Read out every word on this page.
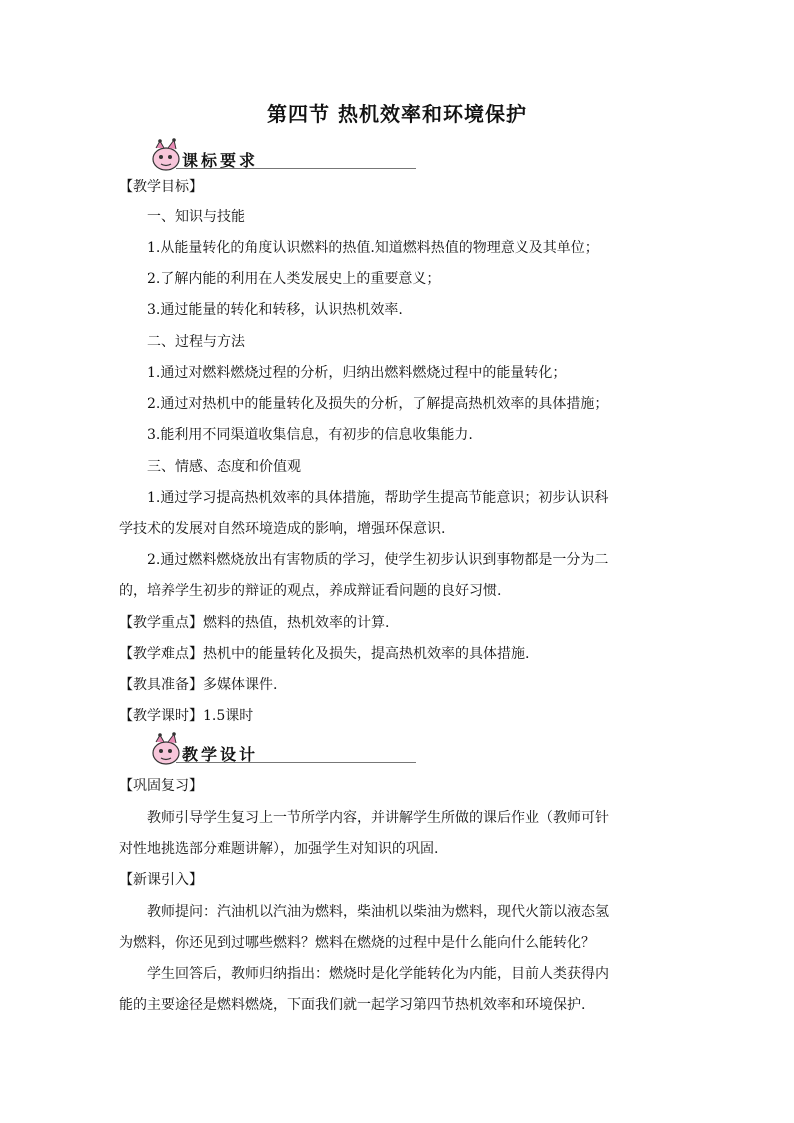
第四节 热机效率和环境保护
课标要求
【教学目标】
一、知识与技能
1.从能量转化的角度认识燃料的热值.知道燃料热值的物理意义及其单位；
2.了解内能的利用在人类发展史上的重要意义；
3.通过能量的转化和转移，认识热机效率.
二、过程与方法
1.通过对燃料燃烧过程的分析，归纳出燃料燃烧过程中的能量转化；
2.通过对热机中的能量转化及损失的分析，了解提高热机效率的具体措施；
3.能利用不同渠道收集信息，有初步的信息收集能力.
三、情感、态度和价值观
1.通过学习提高热机效率的具体措施，帮助学生提高节能意识；初步认识科
学技术的发展对自然环境造成的影响，增强环保意识.
2.通过燃料燃烧放出有害物质的学习，使学生初步认识到事物都是一分为二
的，培养学生初步的辩证的观点，养成辩证看问题的良好习惯.
【教学重点】燃料的热值，热机效率的计算.
【教学难点】热机中的能量转化及损失，提高热机效率的具体措施.
【教具准备】多媒体课件.
【教学课时】1.5课时
教学设计
【巩固复习】
教师引导学生复习上一节所学内容，并讲解学生所做的课后作业（教师可针
对性地挑选部分难题讲解），加强学生对知识的巩固.
【新课引入】
教师提问：汽油机以汽油为燃料，柴油机以柴油为燃料，现代火箭以液态氢
为燃料，你还见到过哪些燃料？燃料在燃烧的过程中是什么能向什么能转化？
学生回答后，教师归纳指出：燃烧时是化学能转化为内能，目前人类获得内
能的主要途径是燃料燃烧，下面我们就一起学习第四节热机效率和环境保护.
